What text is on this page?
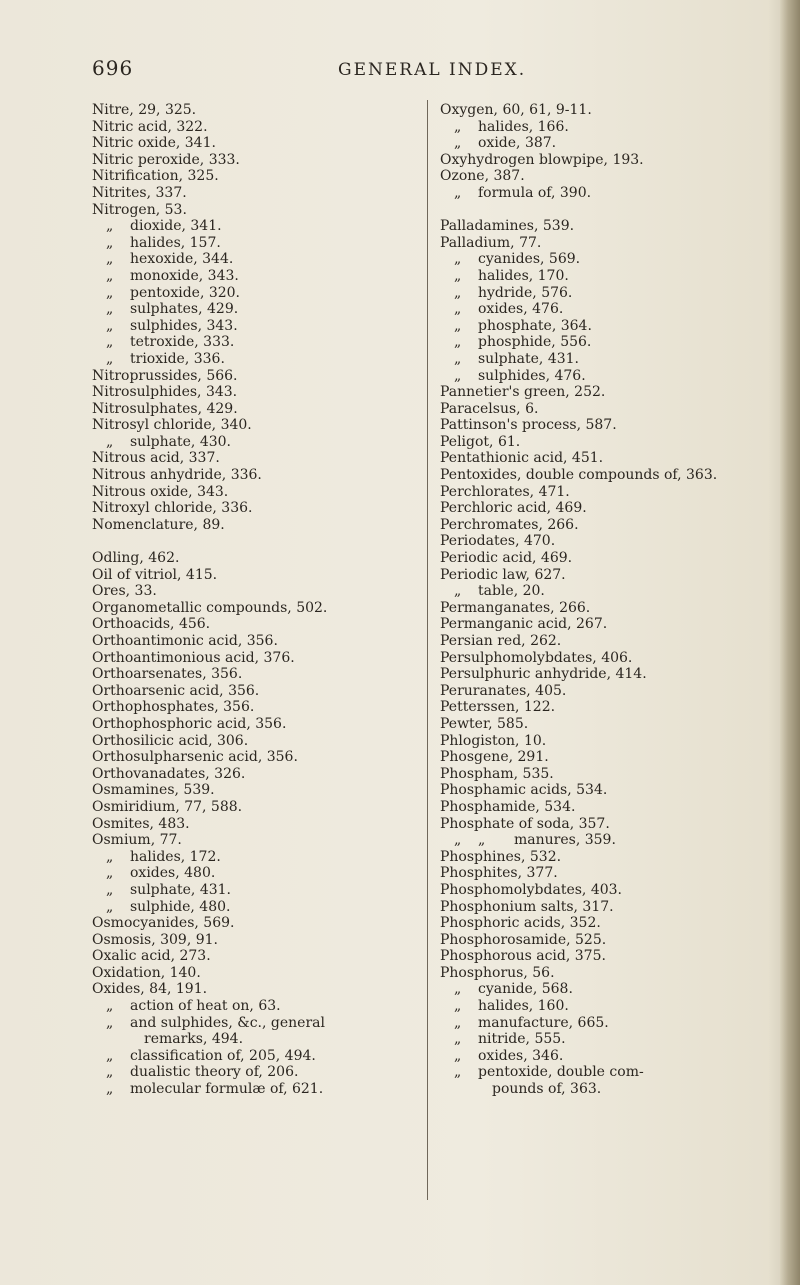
696	GENERAL INDEX.
Nitre, 29, 325.
Nitric acid, 322.
Nitric oxide, 341.
Nitric peroxide, 333.
Nitrification, 325.
Nitrites, 337.
Nitrogen, 53.
„ dioxide, 341.
„ halides, 157.
„ hexoxide, 344.
„ monoxide, 343.
„ pentoxide, 320.
„ sulphates, 429.
„ sulphides, 343.
„ tetroxide, 333.
„ trioxide, 336.
Nitroprussides, 566.
Nitrosulphides, 343.
Nitrosulphates, 429.
Nitrosyl chloride, 340.
„ sulphate, 430.
Nitrous acid, 337.
Nitrous anhydride, 336.
Nitrous oxide, 343.
Nitroxyl chloride, 336.
Nomenclature, 89.
Odling, 462.
Oil of vitriol, 415.
Ores, 33.
Organometallic compounds, 502.
Orthoacids, 456.
Orthoantimonic acid, 356.
Orthoantimonious acid, 376.
Orthoarsenates, 356.
Orthoarsenic acid, 356.
Orthophosphates, 356.
Orthophosphoric acid, 356.
Orthosilicic acid, 306.
Orthosulpharsenic acid, 356.
Orthovanadates, 326.
Osmamines, 539.
Osmiridium, 77, 588.
Osmites, 483.
Osmium, 77.
„ halides, 172.
„ oxides, 480.
„ sulphate, 431.
„ sulphide, 480.
Osmocyanides, 569.
Osmosis, 309, 91.
Oxalic acid, 273.
Oxidation, 140.
Oxides, 84, 191.
„ action of heat on, 63.
„ and sulphides, &c., general
remarks, 494.
„ classification of, 205, 494.
„ dualistic theory of, 206.
„ molecular formulæ of, 621.
Oxygen, 60, 61, 9-11.
„ halides, 166.
„ oxide, 387.
Oxyhydrogen blowpipe, 193.
Ozone, 387.
„ formula of, 390.
Palladamines, 539.
Palladium, 77.
„ cyanides, 569.
„ halides, 170.
„ hydride, 576.
„ oxides, 476.
„ phosphate, 364.
„ phosphide, 556.
„ sulphate, 431.
„ sulphides, 476.
Pannetier's green, 252.
Paracelsus, 6.
Pattinson's process, 587.
Peligot, 61.
Pentathionic acid, 451.
Pentoxides, double compounds of, 363.
Perchlorates, 471.
Perchloric acid, 469.
Perchromates, 266.
Periodates, 470.
Periodic acid, 469.
Periodic law, 627.
„ table, 20.
Permanganates, 266.
Permanganic acid, 267.
Persian red, 262.
Persulphomolybdates, 406.
Persulphuric anhydride, 414.
Peruranates, 405.
Petterssen, 122.
Pewter, 585.
Phlogiston, 10.
Phosgene, 291.
Phospham, 535.
Phosphamic acids, 534.
Phosphamide, 534.
Phosphate of soda, 357.
„ „ manures, 359.
Phosphines, 532.
Phosphites, 377.
Phosphomolybdates, 403.
Phosphonium salts, 317.
Phosphoric acids, 352.
Phosphorosamide, 525.
Phosphorous acid, 375.
Phosphorus, 56.
„ cyanide, 568.
„ halides, 160.
„ manufacture, 665.
„ nitride, 555.
„ oxides, 346.
„ pentoxide, double com-
pounds of, 363.
